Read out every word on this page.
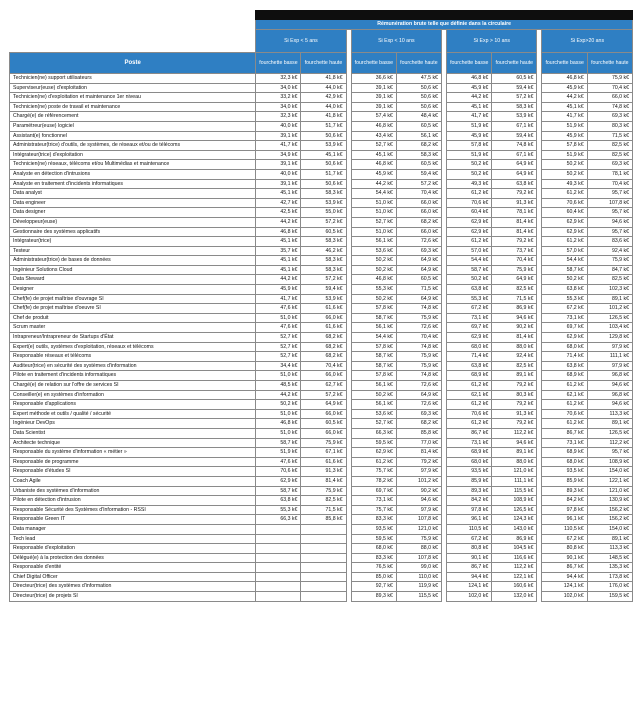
	Rémunération brute telle que définie dans la circulaire										
	Si Exp < 5 ans			Si Exp < 10 ans			Si Exp > 10 ans			Si Exp>20 ans	
Poste	fourchette basse	fourchette haute		fourchette basse	fourchette haute		fourchette basse	fourchette haute		fourchette basse	fourchette haute
Technicien(ne) support utilisateurs	32,3 k€	41,8 k€		36,6 k€	47,5 k€		46,8 k€	60,5 k€		46,8 k€	75,9 k€
Superviseur(euse) d'exploitation	34,0 k€	44,0 k€		39,1 k€	50,6 k€		45,9 k€	59,4 k€		45,9 k€	70,4 k€
Technicien(ne) d'exploitation et maintenance 1er niveau	33,2 k€	42,9 k€		39,1 k€	50,6 k€		44,2 k€	57,2 k€		44,2 k€	66,0 k€
Technicien(ne) poste de travail et maintenance	34,0 k€	44,0 k€		39,1 k€	50,6 k€		45,1 k€	58,3 k€		45,1 k€	74,8 k€
Chargé(e) de référencement	32,3 k€	41,8 k€		57,4 k€	48,4 k€		41,7 k€	53,9 k€		41,7 k€	69,3 k€
Paramétreur(euse) logiciel	40,0 k€	51,7 k€		46,8 k€	60,5 k€		51,9 k€	67,1 k€		51,9 k€	80,3 k€
Assistant(e) fonctionnel	39,1 k€	50,6 k€		43,4 k€	56,1 k€		45,9 k€	59,4 k€		45,9 k€	71,5 k€
Administrateur(trice) d'outils, de systèmes, de réseaux et/ou de télécoms	41,7 k€	53,9 k€		52,7 k€	68,2 k€		57,8 k€	74,8 k€		57,8 k€	82,5 k€
Intégrateur(trice) d'exploitation	34,9 k€	45,1 k€		45,1 k€	58,3 k€		51,9 k€	67,1 k€		51,9 k€	82,5 k€
Technicien(ne) réseaux, télécoms et/ou Multimédias et maintenance	39,1 k€	50,6 k€		46,8 k€	60,5 k€		50,2 k€	64,9 k€		50,2 k€	69,3 k€
Analyste en détection d'intrusions	40,0 k€	51,7 k€		45,9 k€	59,4 k€		50,2 k€	64,9 k€		50,2 k€	78,1 k€
Analyste en traitement d'incidents informatiques	39,1 k€	50,6 k€		44,2 k€	57,2 k€		49,3 k€	63,8 k€		49,3 k€	70,4 k€
Data analyst	45,1 k€	58,3 k€		54,4 k€	70,4 k€		61,2 k€	79,2 k€		61,2 k€	95,7 k€
Data engineer	42,7 k€	53,9 k€		51,0 k€	66,0 k€		70,6 k€	91,3 k€		70,6 k€	107,8 k€
Data designer	42,5 k€	55,0 k€		51,0 k€	66,0 k€		60,4 k€	78,1 k€		60,4 k€	95,7 k€
Développeur(euse)	44,2 k€	57,2 k€		52,7 k€	68,2 k€		62,9 k€	81,4 k€		62,9 k€	94,6 k€
Gestionnaire des systèmes applicatifs	46,8 k€	60,5 k€		51,0 k€	66,0 k€		62,9 k€	81,4 k€		62,9 k€	95,7 k€
Intégrateur(trice)	45,1 k€	58,3 k€		56,1 k€	72,6 k€		61,2 k€	79,2 k€		61,2 k€	83,6 k€
Testeur	35,7 k€	46,2 k€		53,6 k€	69,3 k€		57,0 k€	73,7 k€		57,0 k€	92,4 k€
Administrateur(trice) de bases de données	45,1 k€	58,3 k€		50,2 k€	64,9 k€		54,4 k€	70,4 k€		54,4 k€	75,9 k€
Ingénieur Solutions Cloud	45,1 k€	58,3 k€		50,2 k€	64,9 k€		58,7 k€	75,9 k€		58,7 k€	84,7 k€
Data Steward	44,2 k€	57,2 k€		46,8 k€	60,5 k€		50,2 k€	64,9 k€		50,2 k€	82,5 k€
Designer	45,9 k€	59,4 k€		55,3 k€	71,5 k€		63,8 k€	82,5 k€		63,8 k€	102,3 k€
Chef(fe) de projet maîtrise d'ouvrage SI	41,7 k€	53,9 k€		50,2 k€	64,9 k€		55,3 k€	71,5 k€		55,3 k€	89,1 k€
Chef(fe) de projet maîtrise d'oeuvre SI	47,6 k€	61,6 k€		57,8 k€	74,8 k€		67,2 k€	86,9 k€		67,2 k€	101,2 k€
Chef de produit	51,0 k€	66,0 k€		58,7 k€	75,9 k€		73,1 k€	94,6 k€		73,1 k€	126,5 k€
Scrum master	47,6 k€	61,6 k€		56,1 k€	72,6 k€		69,7 k€	90,2 k€		69,7 k€	103,4 k€
Intrapreneur/Intrapreneur de Startups d'État	52,7 k€	68,2 k€		54,4 k€	70,4 k€		62,9 k€	81,4 k€		62,9 k€	129,8 k€
Expert(e) outils, systèmes d'exploitation, réseaux et télécoms	52,7 k€	68,2 k€		57,8 k€	74,8 k€		68,0 k€	88,0 k€		68,0 k€	97,9 k€
Responsable réseaux et télécoms	52,7 k€	68,2 k€		58,7 k€	75,9 k€		71,4 k€	92,4 k€		71,4 k€	111,1 k€
Auditeur(trice) en sécurité des systèmes d'information	34,4 k€	70,4 k€		58,7 k€	75,9 k€		63,8 k€	82,5 k€		63,8 k€	97,9 k€
Pilote en traitement d'incidents informatiques	51,0 k€	66,0 k€		57,8 k€	74,8 k€		68,9 k€	89,1 k€		68,9 k€	96,8 k€
Chargé(e) de relation sur l'offre de services SI	48,5 k€	62,7 k€		56,1 k€	72,6 k€		61,2 k€	79,2 k€		61,2 k€	94,6 k€
Conseiller(e) en systèmes d'information	44,2 k€	57,2 k€		50,2 k€	64,9 k€		62,1 k€	80,3 k€		62,1 k€	96,8 k€
Responsable d'applications	50,2 k€	64,9 k€		56,1 k€	72,6 k€		61,2 k€	79,2 k€		61,2 k€	94,6 k€
Expert méthode et outils / qualité / sécurité	51,0 k€	66,0 k€		53,6 k€	69,3 k€		70,6 k€	91,3 k€		70,6 k€	113,3 k€
Ingénieur DevOps	46,8 k€	60,5 k€		52,7 k€	68,2 k€		61,2 k€	79,2 k€		61,2 k€	89,1 k€
Data Scientist	51,0 k€	66,0 k€		66,3 k€	85,8 k€		86,7 k€	112,2 k€		86,7 k€	126,5 k€
Architecte technique	58,7 k€	75,9 k€		59,5 k€	77,0 k€		73,1 k€	94,6 k€		73,1 k€	112,2 k€
Responsable du système d'information « métier »	51,9 k€	67,1 k€		62,9 k€	81,4 k€		68,9 k€	89,1 k€		68,9 k€	95,7 k€
Responsable de programme	47,6 k€	61,6 k€		61,2 k€	79,2 k€		68,0 k€	88,0 k€		68,0 k€	108,9 k€
Responsable d'études SI	70,6 k€	91,3 k€		75,7 k€	97,9 k€		93,5 k€	121,0 k€		93,5 k€	154,0 k€
Coach Agile	62,9 k€	81,4 k€		78,2 k€	101,2 k€		85,9 k€	111,1 k€		85,9 k€	122,1 k€
Urbaniste des systèmes d'information	58,7 k€	75,9 k€		69,7 k€	90,2 k€		89,3 k€	115,5 k€		89,3 k€	121,0 k€
Pilote en détection d'intrusion	63,8 k€	82,5 k€		73,1 k€	94,6 k€		84,2 k€	108,9 k€		84,2 k€	130,9 k€
Responsable Sécurité des Systèmes d'Information - RSSI	55,3 k€	71,5 k€		75,7 k€	97,9 k€		97,8 k€	126,5 k€		97,8 k€	156,2 k€
Responsable Green IT	66,3 k€	85,8 k€		83,3 k€	107,8 k€		96,1 k€	124,3 k€		96,1 k€	156,2 k€
Data manager				93,5 k€	121,0 k€		110,5 k€	143,0 k€		110,5 k€	154,0 k€
Tech lead				59,5 k€	75,9 k€		67,2 k€	86,9 k€		67,2 k€	89,1 k€
Responsable d'exploitation				68,0 k€	88,0 k€		80,8 k€	104,5 k€		80,8 k€	113,3 k€
Délégué(e) à la protection des données				83,3 k€	107,8 k€		90,1 k€	116,6 k€		90,1 k€	148,5 k€
Responsable d'entité				76,5 k€	99,0 k€		86,7 k€	112,2 k€		86,7 k€	135,3 k€
Chief Digital Officer				85,0 k€	110,0 k€		94,4 k€	122,1 k€		94,4 k€	173,8 k€
Directeur(trice) des systèmes d'information				92,7 k€	119,9 k€		124,1 k€	160,6 k€		124,1 k€	176,0 k€
Directeur(trice) de projets SI				89,3 k€	115,5 k€		102,0 k€	132,0 k€		102,0 k€	159,5 k€
